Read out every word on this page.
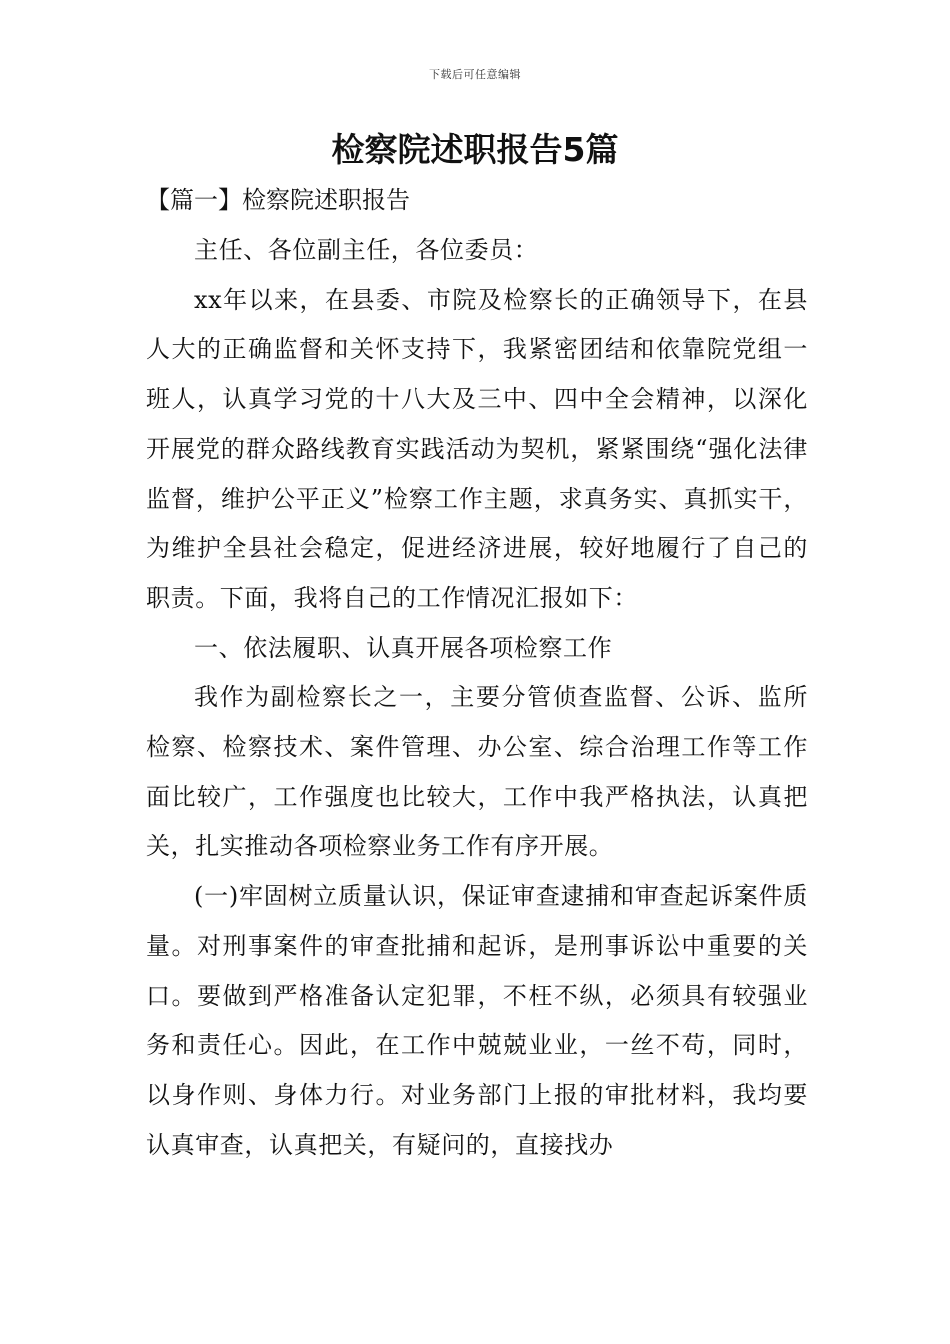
下载后可任意编辑
检察院述职报告5篇
【篇一】检察院述职报告

主任、各位副主任，各位委员：

xx年以来，在县委、市院及检察长的正确领导下，在县人大的正确监督和关怀支持下，我紧密团结和依靠院党组一班人，认真学习党的十八大及三中、四中全会精神，以深化开展党的群众路线教育实践活动为契机，紧紧围绕“强化法律监督，维护公平正义”检察工作主题，求真务实、真抓实干，为维护全县社会稳定，促进经济进展，较好地履行了自己的职责。下面，我将自己的工作情况汇报如下：

一、依法履职、认真开展各项检察工作

我作为副检察长之一，主要分管侦查监督、公诉、监所检察、检察技术、案件管理、办公室、综合治理工作等工作面比较广，工作强度也比较大，工作中我严格执法，认真把关，扎实推动各项检察业务工作有序开展。

(一)牢固树立质量认识，保证审查逮捕和审查起诉案件质量。对刑事案件的审查批捕和起诉，是刑事诉讼中重要的关口。要做到严格准备认定犯罪，不枉不纵，必须具有较强业务和责任心。因此，在工作中兢兢业业，一丝不苟，同时，以身作则、身体力行。对业务部门上报的审批材料，我均要认真审查，认真把关，有疑问的，直接找办
